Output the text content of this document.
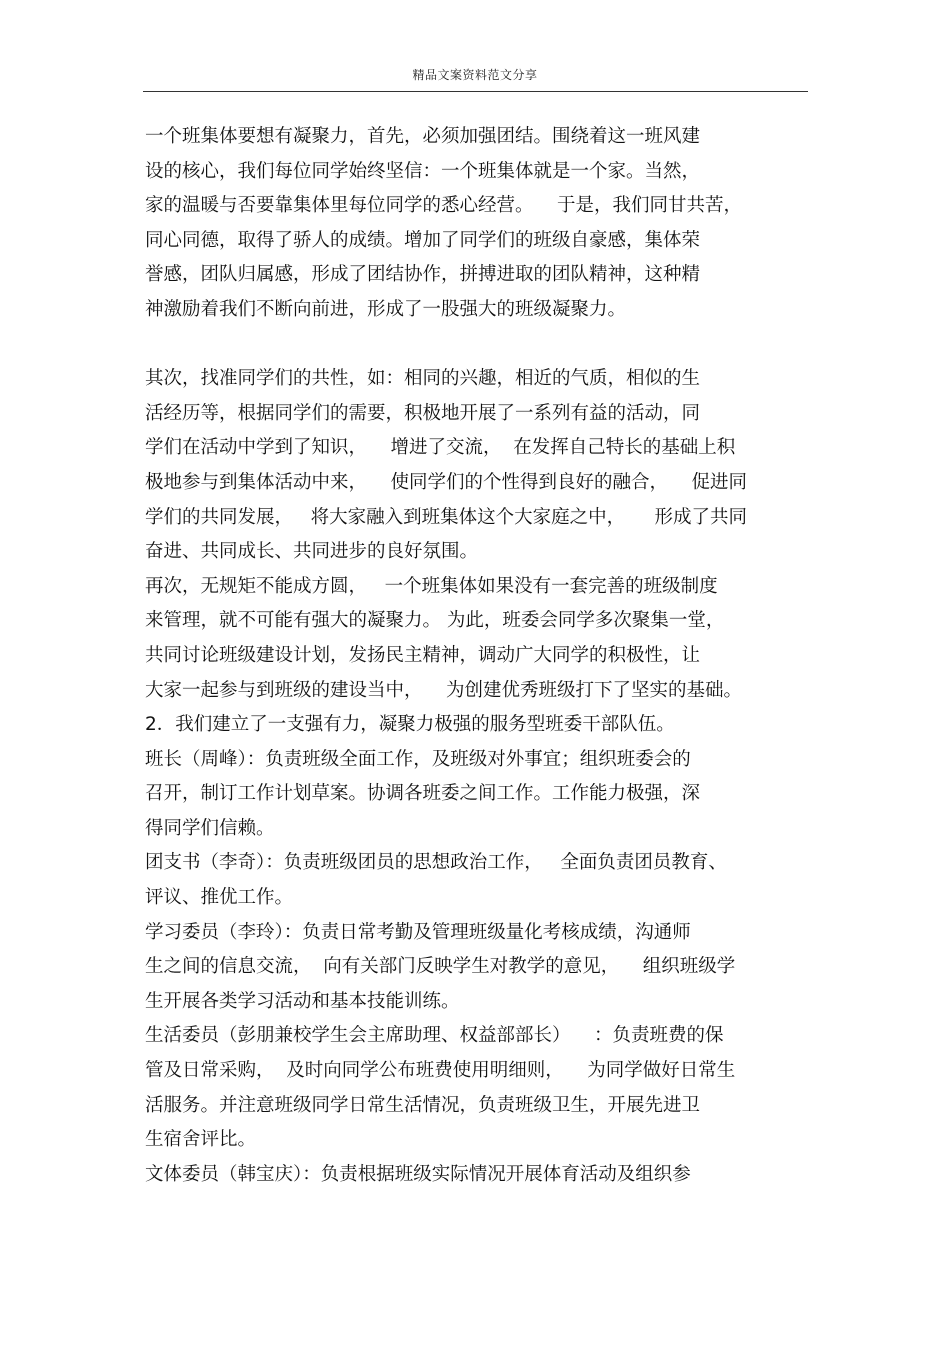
精品文案资料范文分享
一个班集体要想有凝聚力，首先，必须加强团结。围绕着这一班风建
设的核心，我们每位同学始终坚信：一个班集体就是一个家。当然，
家的温暖与否要靠集体里每位同学的悉心经营。    于是，我们同甘共苦，
同心同德，取得了骄人的成绩。增加了同学们的班级自豪感，集体荣
誉感，团队归属感，形成了团结协作，拼搏进取的团队精神，这种精
神激励着我们不断向前进，形成了一股强大的班级凝聚力。
其次，找准同学们的共性，如：相同的兴趣，相近的气质，相似的生
活经历等，根据同学们的需要，积极地开展了一系列有益的活动，同
学们在活动中学到了知识，    增进了交流，  在发挥自己特长的基础上积
极地参与到集体活动中来，    使同学们的个性得到良好的融合，    促进同
学们的共同发展，   将大家融入到班集体这个大家庭之中，     形成了共同
奋进、共同成长、共同进步的良好氛围。
再次，无规矩不能成方圆，   一个班集体如果没有一套完善的班级制度
来管理，就不可能有强大的凝聚力。 为此，班委会同学多次聚集一堂，
共同讨论班级建设计划，发扬民主精神，调动广大同学的积极性，让
大家一起参与到班级的建设当中，    为创建优秀班级打下了坚实的基础。
2．我们建立了一支强有力，凝聚力极强的服务型班委干部队伍。
班长（周峰）：负责班级全面工作，及班级对外事宜；组织班委会的
召开，制订工作计划草案。协调各班委之间工作。工作能力极强，深
得同学们信赖。
团支书（李奇）：负责班级团员的思想政治工作，   全面负责团员教育、
评议、推优工作。
学习委员（李玲）：负责日常考勤及管理班级量化考核成绩，沟通师
生之间的信息交流，  向有关部门反映学生对教学的意见，    组织班级学
生开展各类学习活动和基本技能训练。
生活委员（彭朋兼校学生会主席助理、权益部部长）    ：负责班费的保
管及日常采购，  及时向同学公布班费使用明细则，    为同学做好日常生
活服务。并注意班级同学日常生活情况，负责班级卫生，开展先进卫
生宿舍评比。
文体委员（韩宝庆）：负责根据班级实际情况开展体育活动及组织参
